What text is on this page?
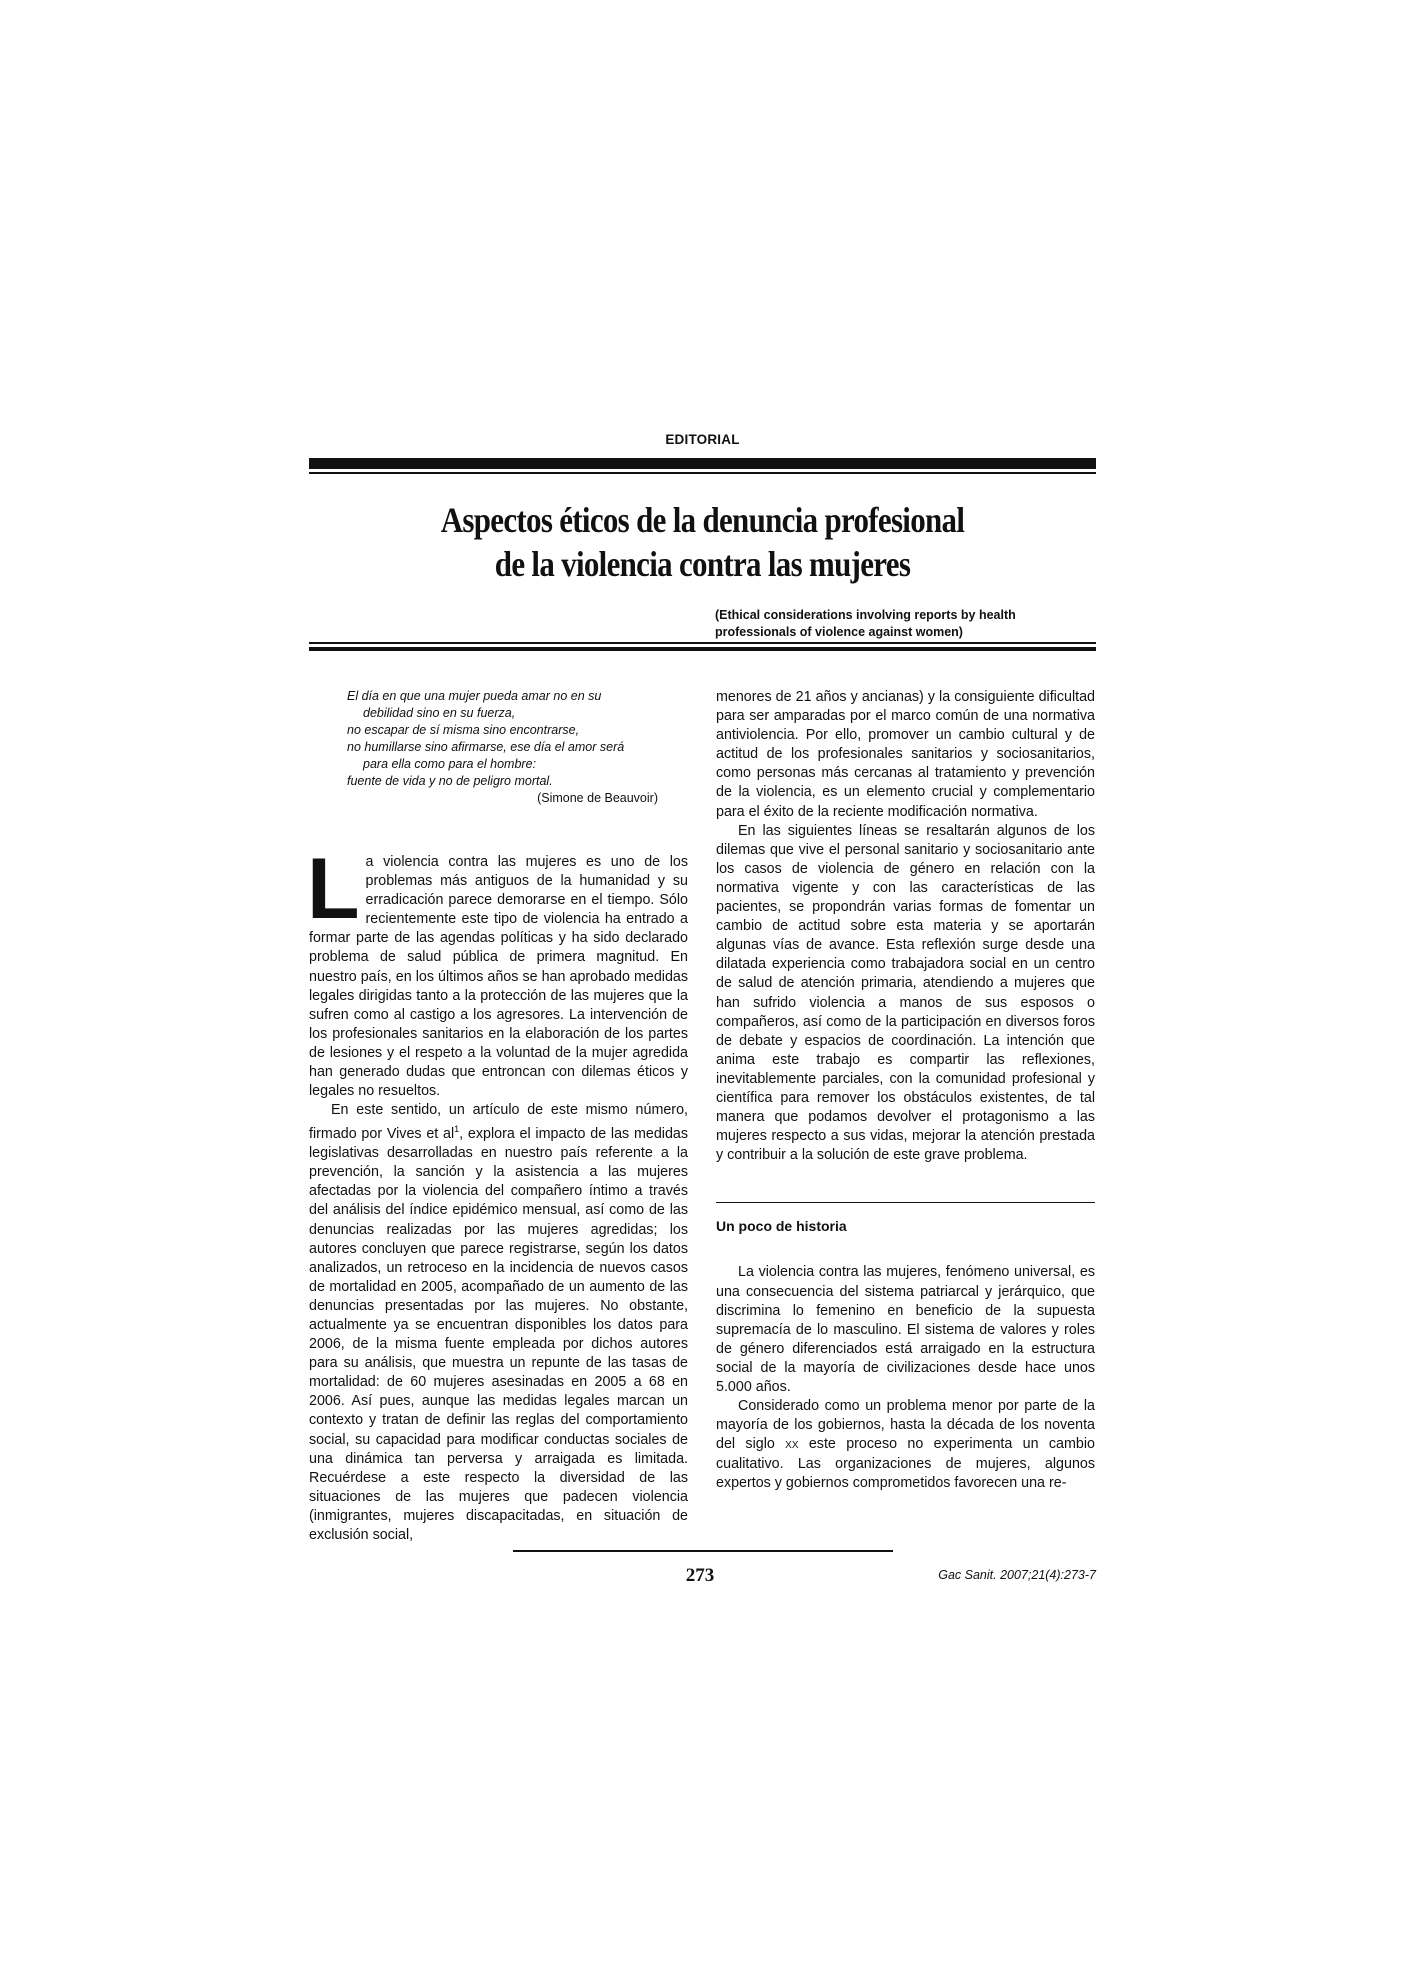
EDITORIAL
Aspectos éticos de la denuncia profesional
de la violencia contra las mujeres
(Ethical considerations involving reports by health
professionals of violence against women)
El día en que una mujer pueda amar no en su
debilidad sino en su fuerza,
no escapar de sí misma sino encontrarse,
no humillarse sino afirmarse, ese día el amor será
para ella como para el hombre:
fuente de vida y no de peligro mortal.
(Simone de Beauvoir)

La violencia contra las mujeres es uno de los problemas más antiguos de la humanidad y su erradicación parece demorarse en el tiempo. Sólo recientemente este tipo de violencia ha entrado a formar parte de las agendas políticas y ha sido declarado problema de salud pública de primera magnitud. En nuestro país, en los últimos años se han aprobado medidas legales dirigidas tanto a la protección de las mujeres que la sufren como al castigo a los agresores. La intervención de los profesionales sanitarios en la elaboración de los partes de lesiones y el respeto a la voluntad de la mujer agredida han generado dudas que entroncan con dilemas éticos y legales no resueltos.

En este sentido, un artículo de este mismo número, firmado por Vives et $al^1$, explora el impacto de las medidas legislativas desarrolladas en nuestro país referente a la prevención, la sanción y la asistencia a las mujeres afectadas por la violencia del compañero íntimo a través del análisis del índice epidémico mensual, así como de las denuncias realizadas por las mujeres agredidas; los autores concluyen que parece registrarse, según los datos analizados, un retroceso en la incidencia de nuevos casos de mortalidad en 2005, acompañado de un aumento de las denuncias presentadas por las mujeres. No obstante, actualmente ya se encuentran disponibles los datos para 2006, de la misma fuente empleada por dichos autores para su análisis, que muestra un repunte de las tasas de mortalidad: de 60 mujeres asesinadas en 2005 a 68 en 2006. Así pues, aunque las medidas legales marcan un contexto y tratan de definir las reglas del comportamiento social, su capacidad para modificar conductas sociales de una dinámica tan perversa y arraigada es limitada. Recuérdese a este respecto la diversidad de las situaciones de las mujeres que padecen violencia (inmigrantes, mujeres discapacitadas, en situación de exclusión social,

menores de 21 años y ancianas) y la consiguiente dificultad para ser amparadas por el marco común de una normativa antiviolencia. Por ello, promover un cambio cultural y de actitud de los profesionales sanitarios y sociosanitarios, como personas más cercanas al tratamiento y prevención de la violencia, es un elemento crucial y complementario para el éxito de la reciente modificación normativa.

En las siguientes líneas se resaltarán algunos de los dilemas que vive el personal sanitario y sociosanitario ante los casos de violencia de género en relación con la normativa vigente y con las características de las pacientes, se propondrán varias formas de fomentar un cambio de actitud sobre esta materia y se aportarán algunas vías de avance. Esta reflexión surge desde una dilatada experiencia como trabajadora social en un centro de salud de atención primaria, atendiendo a mujeres que han sufrido violencia a manos de sus esposos o compañeros, así como de la participación en diversos foros de debate y espacios de coordinación. La intención que anima este trabajo es compartir las reflexiones, inevitablemente parciales, con la comunidad profesional y científica para remover los obstáculos existentes, de tal manera que podamos devolver el protagonismo a las mujeres respecto a sus vidas, mejorar la atención prestada y contribuir a la solución de este grave problema.

Un poco de historia

La violencia contra las mujeres, fenómeno universal, es una consecuencia del sistema patriarcal y jerárquico, que discrimina lo femenino en beneficio de la supuesta supremacía de lo masculino. El sistema de valores y roles de género diferenciados está arraigado en la estructura social de la mayoría de civilizaciones desde hace unos 5.000 años.

Considerado como un problema menor por parte de la mayoría de los gobiernos, hasta la década de los noventa del siglo XX este proceso no experimenta un cambio cualitativo. Las organizaciones de mujeres, algunos expertos y gobiernos comprometidos favorecen una re-

273	Gac Sanit. 2007;21(4):273-7
